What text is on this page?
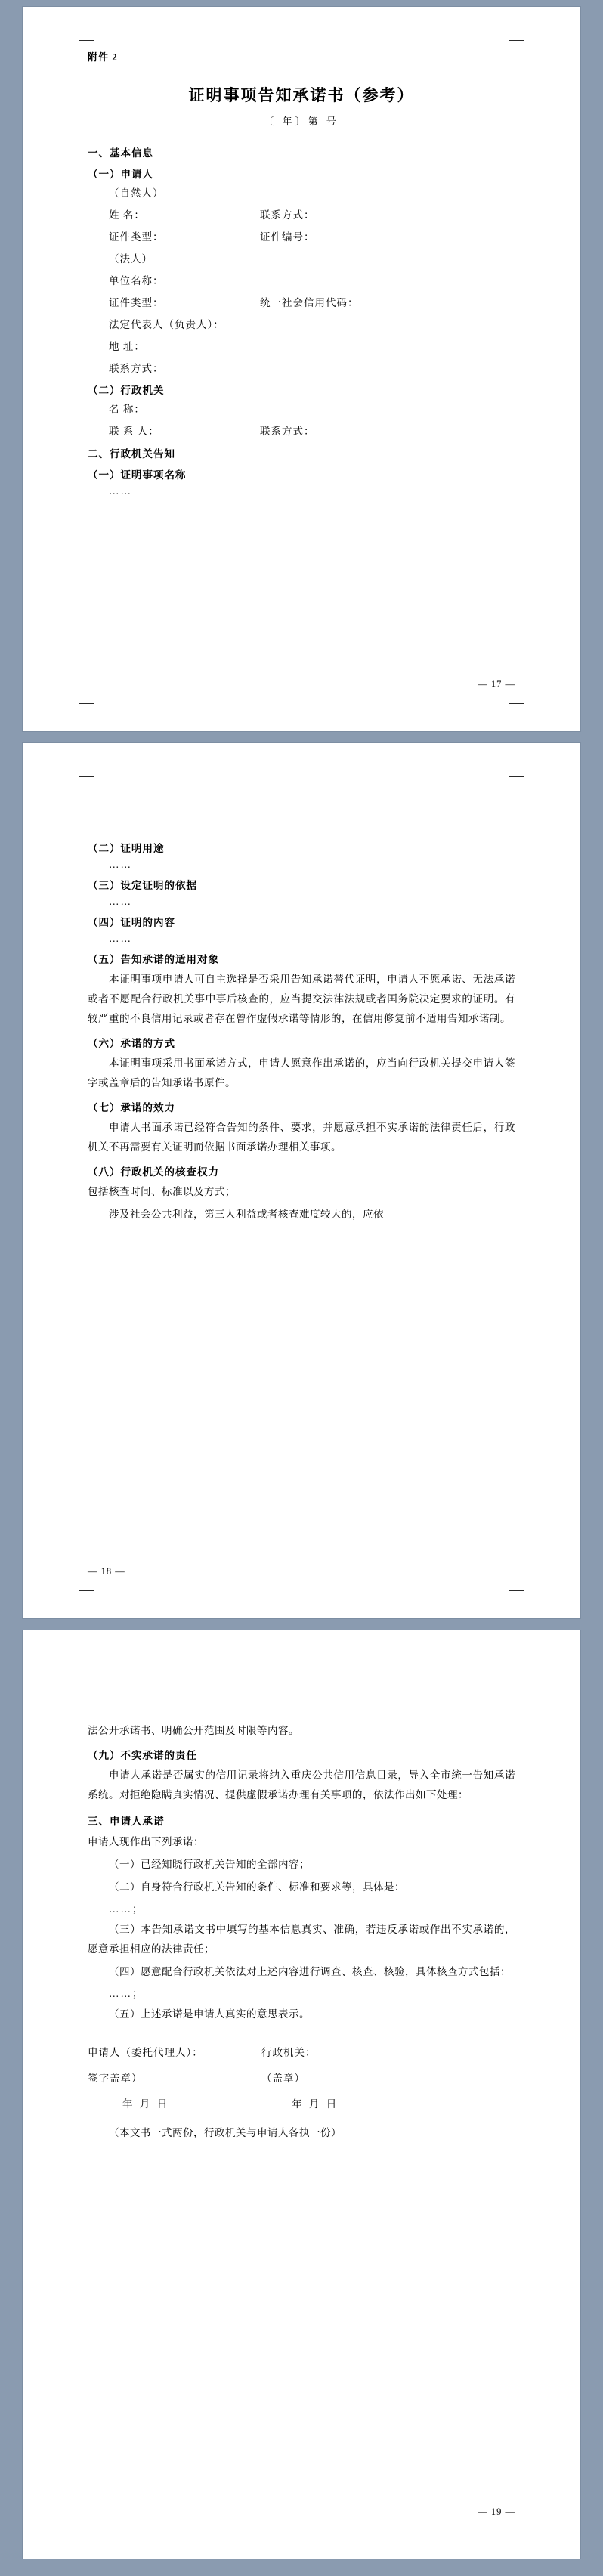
附件 2
证明事项告知承诺书（参考）
〔 年〕第 号
一、基本信息
（一）申请人
（自然人）
姓 名：	联系方式：
证件类型：	证件编号：
（法人）
单位名称：
证件类型：	统一社会信用代码：
法定代表人（负责人）：
地 址：
联系方式：
（二）行政机关
名 称：
联 系 人：	联系方式：
二、行政机关告知
（一）证明事项名称
……
— 17 —
（二）证明用途
……
（三）设定证明的依据
……
（四）证明的内容
……
（五）告知承诺的适用对象
本证明事项申请人可自主选择是否采用告知承诺替代证明，申请人不愿承诺、无法承诺或者不愿配合行政机关事中事后核查的，应当提交法律法规或者国务院决定要求的证明。有较严重的不良信用记录或者存在曾作虚假承诺等情形的，在信用修复前不适用告知承诺制。
（六）承诺的方式
本证明事项采用书面承诺方式，申请人愿意作出承诺的，应当向行政机关提交申请人签字或盖章后的告知承诺书原件。
（七）承诺的效力
申请人书面承诺已经符合告知的条件、要求，并愿意承担不实承诺的法律责任后，行政机关不再需要有关证明而依据书面承诺办理相关事项。
（八）行政机关的核查权力
包括核查时间、标准以及方式；
涉及社会公共利益，第三人利益或者核查难度较大的，应依
— 18 —
法公开承诺书、明确公开范围及时限等内容。
（九）不实承诺的责任
申请人承诺是否属实的信用记录将纳入重庆公共信用信息目录，导入全市统一告知承诺系统。对拒绝隐瞒真实情况、提供虚假承诺办理有关事项的，依法作出如下处理：
三、申请人承诺
申请人现作出下列承诺：
（一）已经知晓行政机关告知的全部内容；
（二）自身符合行政机关告知的条件、标准和要求等，具体是：
……；
（三）本告知承诺文书中填写的基本信息真实、准确，若违反承诺或作出不实承诺的，愿意承担相应的法律责任；
（四）愿意配合行政机关依法对上述内容进行调查、核查、核验，具体核查方式包括：
……；
（五）上述承诺是申请人真实的意思表示。
申请人（委托代理人）：	行政机关：
签字盖章）	（盖章）
年 月 日	年 月 日
（本文书一式两份，行政机关与申请人各执一份）
— 19 —
